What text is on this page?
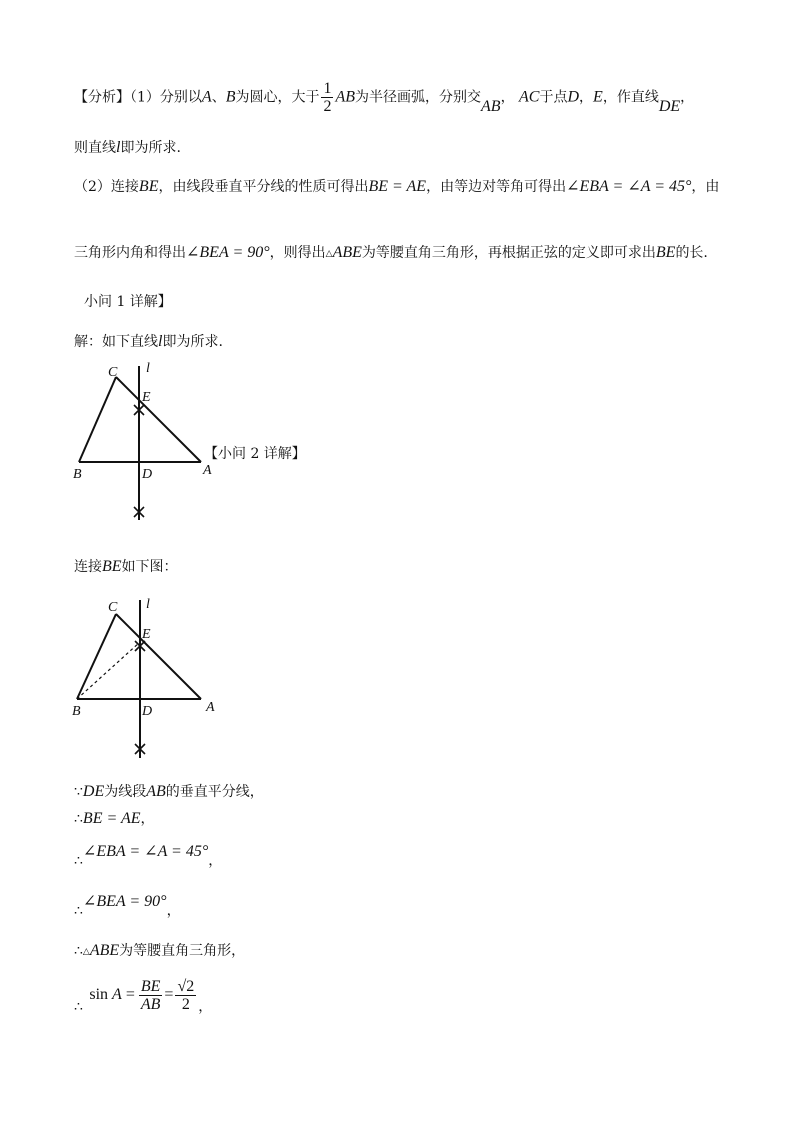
【分析】（1）分别以A、B为圆心，大于 $\frac{1}{2}$ AB为半径画弧，分别交AB， AC于点D，E，作直线DE，
则直线l即为所求.
（2）连接BE，由线段垂直平分线的性质可得出BE = AE，由等边对等角可得出∠EBA = ∠A = 45°，由
三角形内角和得出∠BEA = 90°，则得出△ABE为等腰直角三角形，再根据正弦的定义即可求出BE的长.
小问 1 详解】
解：如下直线l即为所求.
C l
E
B	D	A
【小问 2 详解】
连接BE如下图：
C l
E
B	D	A
∵DE为线段AB的垂直平分线，
∴BE = AE，
∴∠EBA = ∠A = 45°，
∴∠BEA = 90°，
∴△ABE为等腰直角三角形，
∴
$\sin A = \frac{BE}{AB} = \frac{√2}{2}$ ，
